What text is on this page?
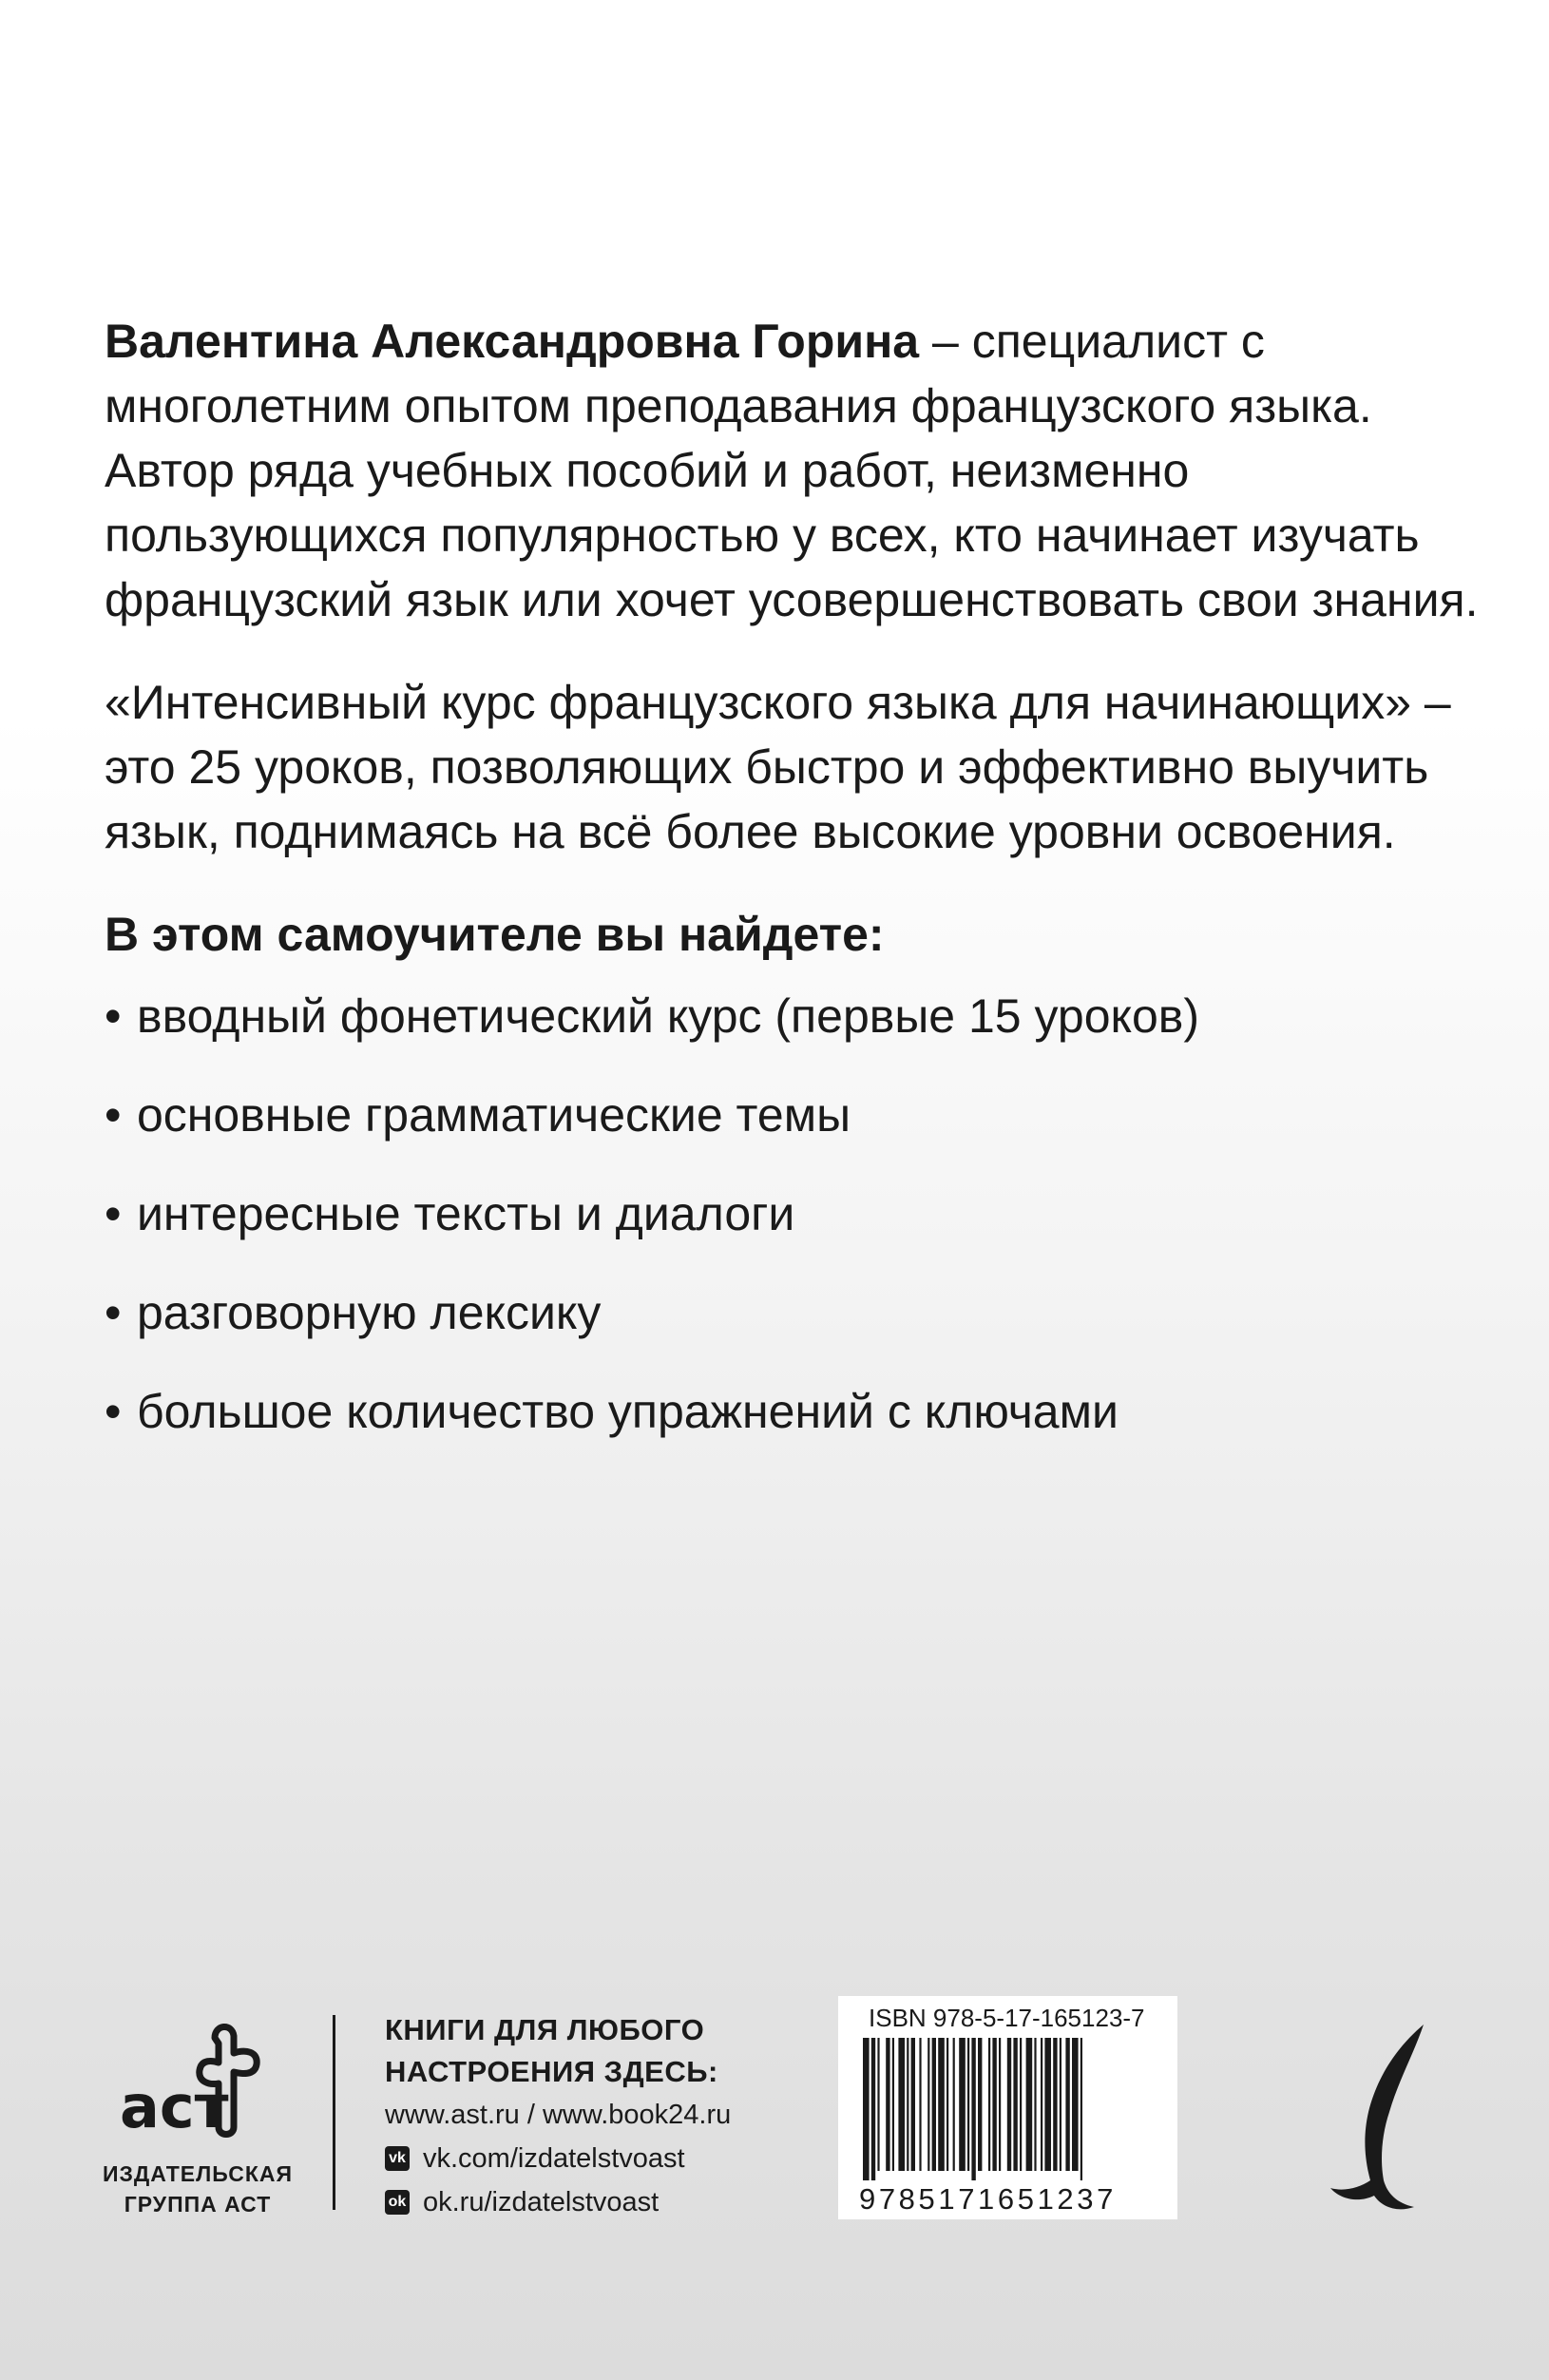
Валентина Александровна Горина – специалист с многолетним опытом преподавания французского языка. Автор ряда учебных пособий и работ, неизменно пользующихся популярностью у всех, кто начинает изучать французский язык или хочет усовершенствовать свои знания.

«Интенсивный курс французского языка для начинающих» – это 25 уроков, позволяющих быстро и эффективно выучить язык, поднимаясь на всё более высокие уровни освоения.

В этом самоучителе вы найдете:

• вводный фонетический курс (первые 15 уроков)

• основные грамматические темы

• интересные тексты и диалоги

• разговорную лексику

• большое количество упражнений с ключами

аст
ИЗДАТЕЛЬСКАЯ
ГРУППА АСТ
КНИГИ ДЛЯ ЛЮБОГО
НАСТРОЕНИЯ ЗДЕСЬ:
www.ast.ru / www.book24.ru
vk vk.com/izdatelstvoast
ok ok.ru/izdatelstvoast
ISBN 978-5-17-165123-7
9785171651237
